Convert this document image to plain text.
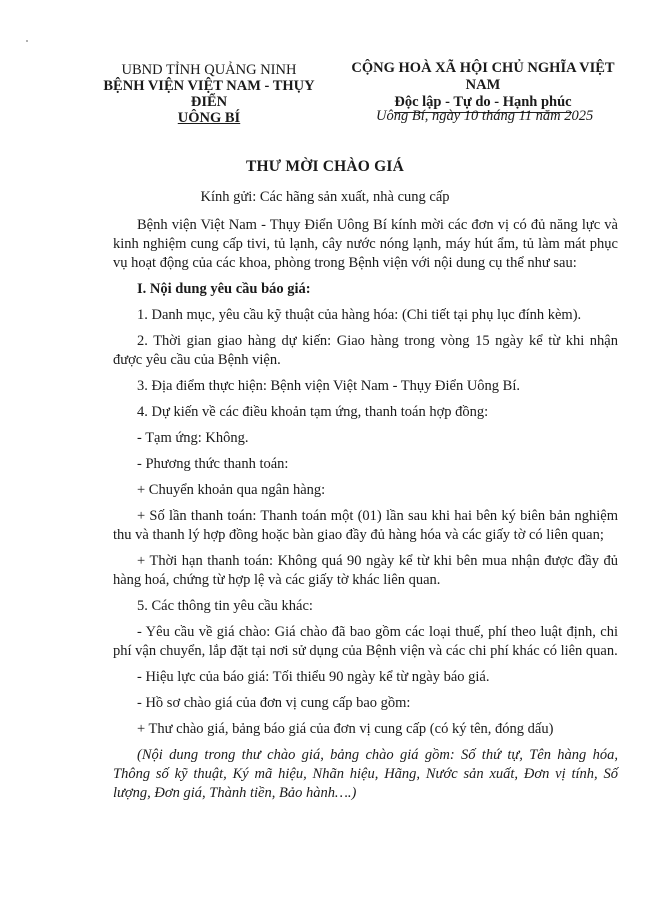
UBND TỈNH QUẢNG NINH
BỆNH VIỆN VIỆT NAM - THỤY ĐIỂN
UÔNG BÍ
CỘNG HOÀ XÃ HỘI CHỦ NGHĨA VIỆT NAM
Độc lập - Tự do - Hạnh phúc
Uông Bí, ngày 10 tháng 11 năm 2025
THƯ MỜI CHÀO GIÁ
Kính gửi: Các hãng sản xuất, nhà cung cấp

Bệnh viện Việt Nam - Thụy Điển Uông Bí kính mời các đơn vị có đủ năng lực và kinh nghiệm cung cấp tivi, tủ lạnh, cây nước nóng lạnh, máy hút ẩm, tủ làm mát phục vụ hoạt động của các khoa, phòng trong Bệnh viện với nội dung cụ thể như sau:

I. Nội dung yêu cầu báo giá:

1. Danh mục, yêu cầu kỹ thuật của hàng hóa: (Chi tiết tại phụ lục đính kèm).

2. Thời gian giao hàng dự kiến: Giao hàng trong vòng 15 ngày kể từ khi nhận được yêu cầu của Bệnh viện.

3. Địa điểm thực hiện: Bệnh viện Việt Nam - Thụy Điển Uông Bí.

4. Dự kiến về các điều khoản tạm ứng, thanh toán hợp đồng:

- Tạm ứng: Không.

- Phương thức thanh toán:

+ Chuyển khoản qua ngân hàng:

+ Số lần thanh toán: Thanh toán một (01) lần sau khi hai bên ký biên bản nghiệm thu và thanh lý hợp đồng hoặc bàn giao đầy đủ hàng hóa và các giấy tờ có liên quan;

+ Thời hạn thanh toán: Không quá 90 ngày kể từ khi bên mua nhận được đầy đủ hàng hoá, chứng từ hợp lệ và các giấy tờ khác liên quan.

5. Các thông tin yêu cầu khác:

- Yêu cầu về giá chào: Giá chào đã bao gồm các loại thuế, phí theo luật định, chi phí vận chuyển, lắp đặt tại nơi sử dụng của Bệnh viện và các chi phí khác có liên quan.

- Hiệu lực của báo giá: Tối thiểu 90 ngày kể từ ngày báo giá.

- Hồ sơ chào giá của đơn vị cung cấp bao gồm:

+ Thư chào giá, bảng báo giá của đơn vị cung cấp (có ký tên, đóng dấu)

(Nội dung trong thư chào giá, bảng chào giá gồm: Số thứ tự, Tên hàng hóa, Thông số kỹ thuật, Ký mã hiệu, Nhãn hiệu, Hãng, Nước sản xuất, Đơn vị tính, Số lượng, Đơn giá, Thành tiền, Bảo hành….)
